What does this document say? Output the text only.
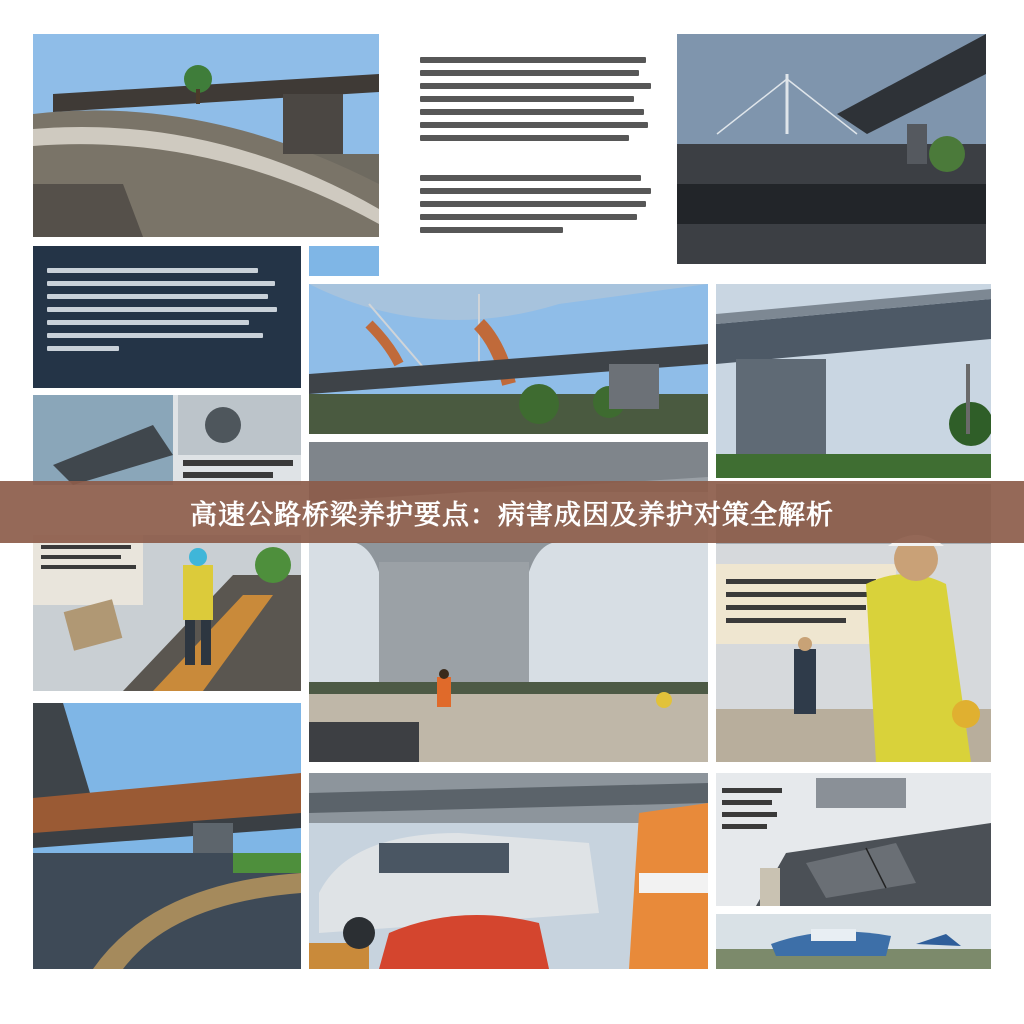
高速公路桥梁养护要点：病害成因及养护对策全解析
